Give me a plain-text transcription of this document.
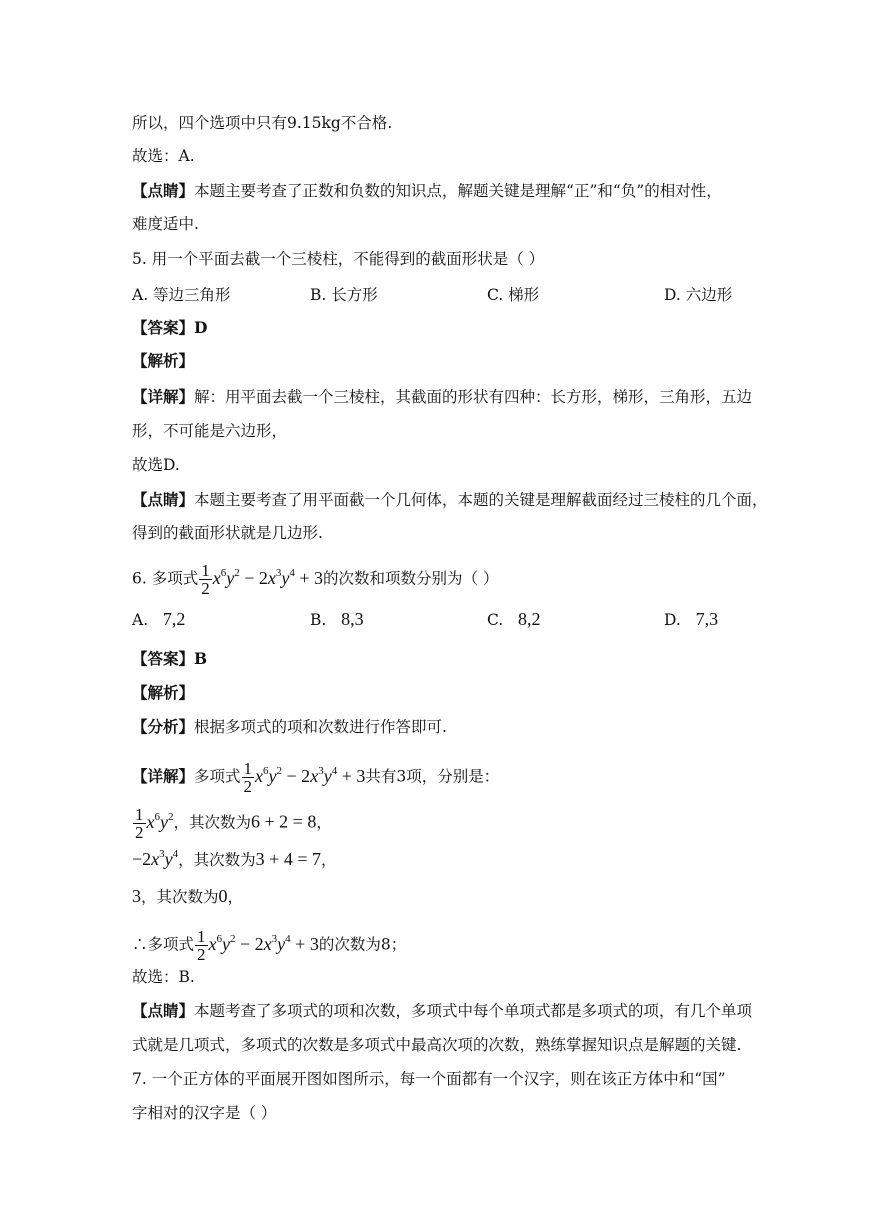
所以，四个选项中只有9.15kg不合格.
故选：A.
【点睛】本题主要考查了正数和负数的知识点，解题关键是理解“正”和“负”的相对性，
难度适中.
5. 用一个平面去截一个三棱柱，不能得到的截面形状是（ ）
A. 等边三角形	B. 长方形	C. 梯形	D. 六边形
【答案】D
【解析】
【详解】解：用平面去截一个三棱柱，其截面的形状有四种：长方形，梯形，三角形，五边
形，不可能是六边形，
故选D.
【点睛】本题主要考查了用平面截一个几何体，本题的关键是理解截面经过三棱柱的几个面，
得到的截面形状就是几边形.
6. 多项式 $\frac{1}{2} x^6y^2 - 2x^3y^4 + 3$的次数和项数分别为（ ）
A. 7,2	B. 8,3	C. 8,2	D. 7,3
【答案】B
【解析】
【分析】根据多项式的项和次数进行作答即可.
【详解】多项式 $\frac{1}{2} x^6y^2 - 2x^3y^4 + 3$共有3项，分别是：
$\frac{1}{2} x^6y^2$，其次数为6 + 2 = 8，
$-2x^3y^4$，其次数为3 + 4 = 7，
3，其次数为0，
∴多项式 $\frac{1}{2} x^6y^2 - 2x^3y^4 + 3$的次数为8；
故选：B.
【点睛】本题考查了多项式的项和次数，多项式中每个单项式都是多项式的项，有几个单项
式就是几项式，多项式的次数是多项式中最高次项的次数，熟练掌握知识点是解题的关键.
7. 一个正方体的平面展开图如图所示，每一个面都有一个汉字，则在该正方体中和“国”
字相对的汉字是（ ）
